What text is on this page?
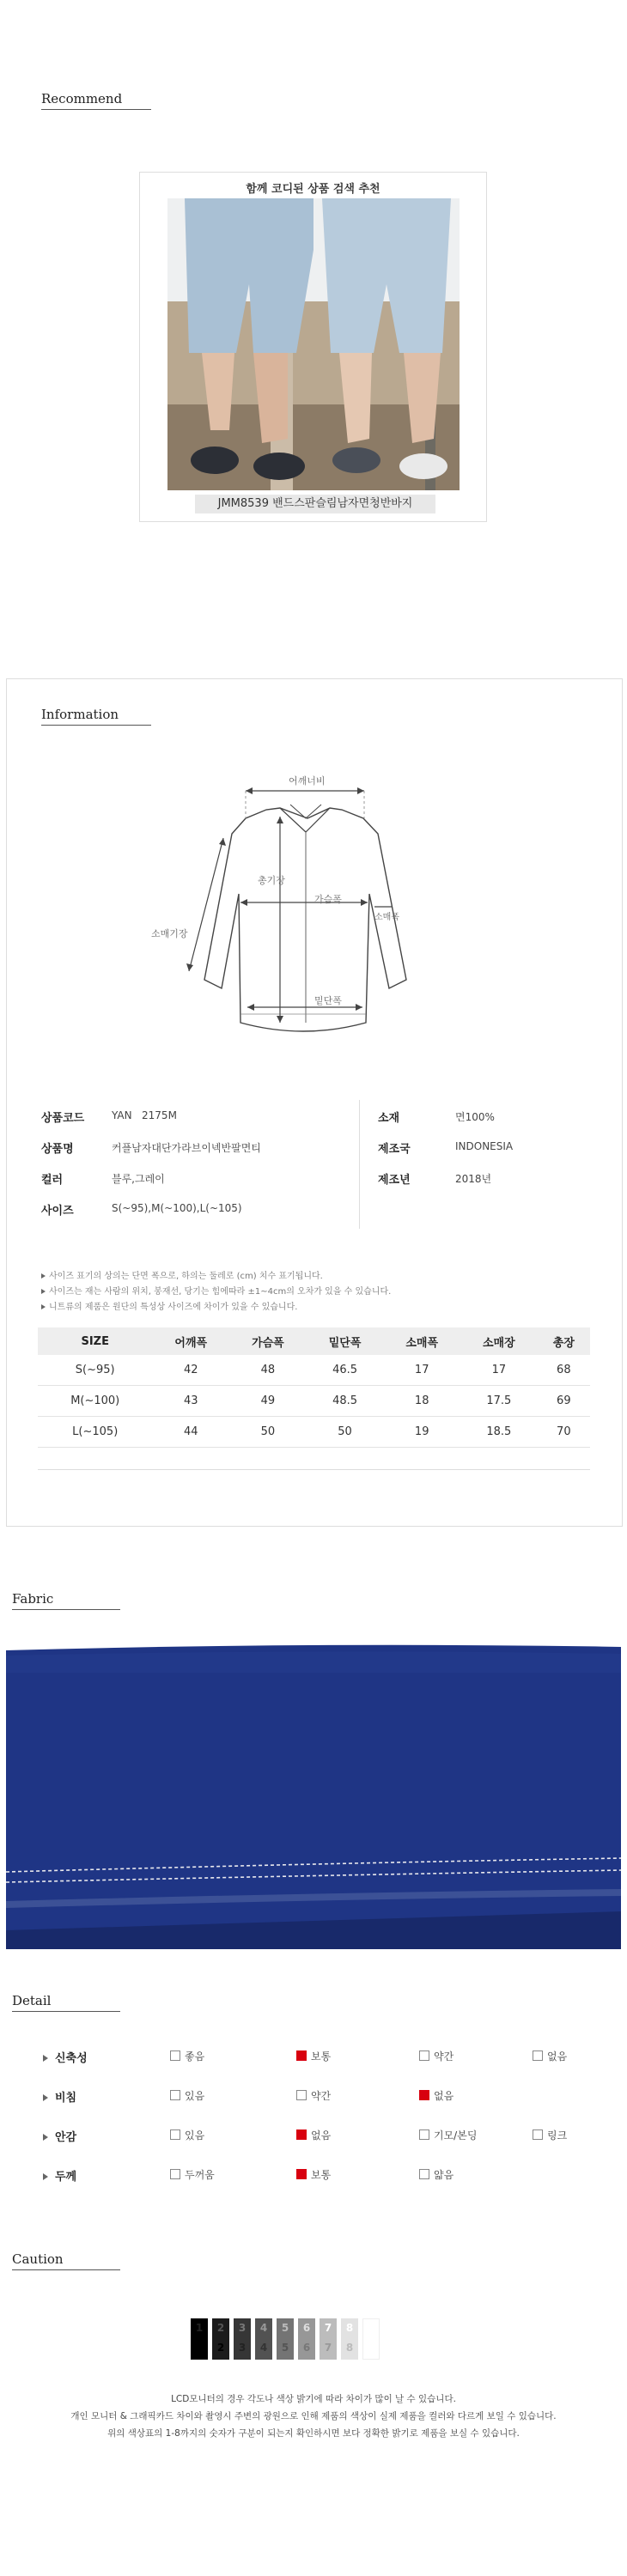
Recommend
함께 코디된 상품 검색 추천
JMM8539 밴드스판슬림남자면청반바지
Information
어깨너비
총기장
가슴폭
소매폭
소매기장
밑단폭
상품코드	YAN   2175M
상품명	커플남자대단가라브이넥반팔면티
컬러	블루,그레이
사이즈	S(~95),M(~100),L(~105)
소재	면100%
제조국	INDONESIA
제조년	2018년
사이즈 표기의 상의는 단면 폭으로, 하의는 둘레로 (cm) 치수 표기됩니다.
사이즈는 재는 사람의 위치, 봉재선, 당기는 힘에따라 ±1~4cm의 오차가 있을 수 있습니다.
니트류의 제품은 원단의 특성상 사이즈에 차이가 있을 수 있습니다.
SIZE	어깨폭	가슴폭	밑단폭	소매폭	소매장	총장
S(~95)	42	48	46.5	17	17	68
M(~100)	43	49	48.5	18	17.5	69
L(~105)	44	50	50	19	18.5	70
Fabric
Detail
신축성	좋음	보통	약간	없음
비침	있음	약간	없음
안감	있음	없음	기모/본딩	링크
두께	두꺼움	보통	얇음
Caution
1
1
2
2
3
3
4
4
5
5
6
6
7
7
8
8
LCD모니터의 경우 각도나 색상 밝기에 따라 차이가 많이 날 수 있습니다.
개인 모니터 & 그래픽카드 차이와 촬영시 주변의 광원으로 인해 제품의 색상이 실제 제품을 컬러와 다르게 보일 수 있습니다.
위의 색상표의 1-8까지의 숫자가 구분이 되는지 확인하시면 보다 정확한 밝기로 제품을 보실 수 있습니다.
